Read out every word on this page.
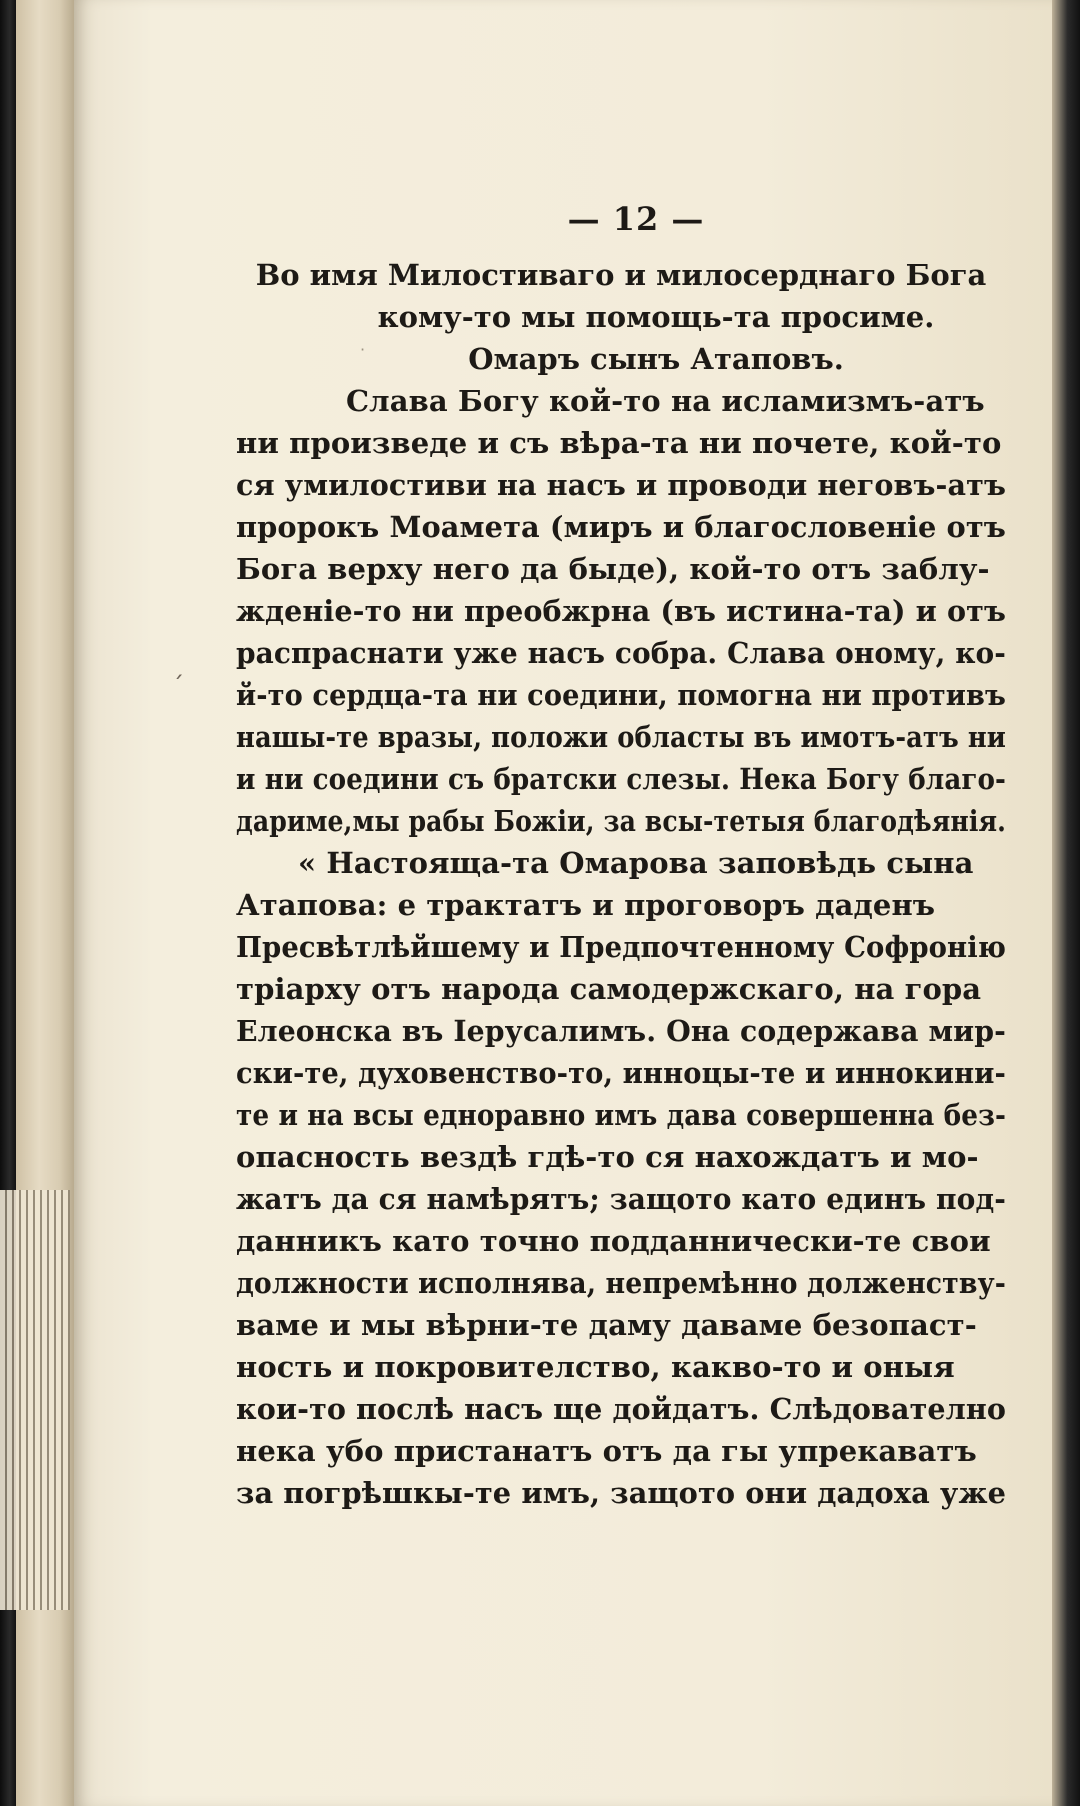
´
·
— 12 —
Во имя Милостиваго и милосерднаго Бога
кому-то мы помощь-та просиме.
Омаръ сынъ Атаповъ.
Слава Богу кой-то на исламизмъ-атъ
ни произведе и съ вѣра-та ни почете, кой-то
ся умилостиви на насъ и проводи неговъ-атъ
пророкъ Моамета (миръ и благословеніе отъ
Бога верху него да быде), кой-то отъ заблу-
жденіе-то ни преобжрна (въ истина-та) и отъ
распраснати уже насъ собра. Слава оному, ко-
й-то сердца-та ни соедини, помогна ни противъ
нашы-те вразы, положи областы въ имотъ-атъ ни
и ни соедини съ братски слезы. Нека Богу благо-
дариме,мы рабы Божіи, за всы-тетыя благодѣянія.
« Настояща-та Омарова заповѣдь сына
Атапова: е трактатъ и проговоръ даденъ
Пресвѣтлѣйшему и Предпочтенному Софронію
тріарху отъ народа самодержскаго, на гора
Елеонска въ Іерусалимъ. Она содержава мир-
ски-те, духовенство-то, инноцы-те и иннокини-
те и на всы едноравно имъ дава совершенна без-
опасность вездѣ гдѣ-то ся нахождатъ и мо-
жатъ да ся намѣрятъ; защото като единъ под-
данникъ като точно подданнически-те свои
должности исполнява, непремѣнно долженству-
ваме и мы вѣрни-те даму даваме безопаст-
ность и покровителство, какво-то и оныя
кои-то послѣ насъ ще дойдатъ. Слѣдователно
нека убо пристанатъ отъ да гы упрекаватъ
за погрѣшкы-те имъ, защото они дадоха уже
